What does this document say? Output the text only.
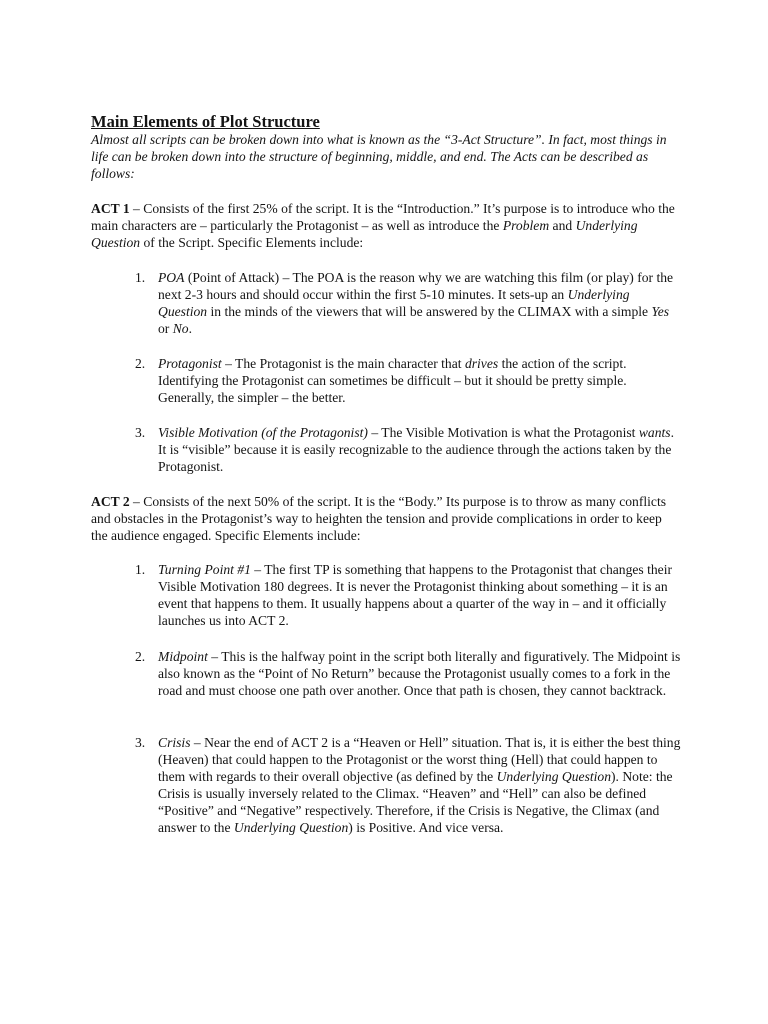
Main Elements of Plot Structure

Almost all scripts can be broken down into what is known as the “3-Act Structure”. In fact, most things in life can be broken down into the structure of beginning, middle, and end. The Acts can be described as follows:

ACT 1 – Consists of the first 25% of the script. It is the “Introduction.” It’s purpose is to introduce who the main characters are – particularly the Protagonist – as well as introduce the Problem and Underlying Question of the Script. Specific Elements include:

1. POA (Point of Attack) – The POA is the reason why we are watching this film (or play) for the next 2-3 hours and should occur within the first 5-10 minutes. It sets-up an Underlying Question in the minds of the viewers that will be answered by the CLIMAX with a simple Yes or No.
2. Protagonist – The Protagonist is the main character that drives the action of the script. Identifying the Protagonist can sometimes be difficult – but it should be pretty simple. Generally, the simpler – the better.
3. Visible Motivation (of the Protagonist) – The Visible Motivation is what the Protagonist wants. It is “visible” because it is easily recognizable to the audience through the actions taken by the Protagonist.

ACT 2 – Consists of the next 50% of the script. It is the “Body.” Its purpose is to throw as many conflicts and obstacles in the Protagonist’s way to heighten the tension and provide complications in order to keep the audience engaged. Specific Elements include:

1. Turning Point #1 – The first TP is something that happens to the Protagonist that changes their Visible Motivation 180 degrees. It is never the Protagonist thinking about something – it is an event that happens to them. It usually happens about a quarter of the way in – and it officially launches us into ACT 2.
2. Midpoint – This is the halfway point in the script both literally and figuratively. The Midpoint is also known as the “Point of No Return” because the Protagonist usually comes to a fork in the road and must choose one path over another. Once that path is chosen, they cannot backtrack.
3. Crisis – Near the end of ACT 2 is a “Heaven or Hell” situation. That is, it is either the best thing (Heaven) that could happen to the Protagonist or the worst thing (Hell) that could happen to them with regards to their overall objective (as defined by the Underlying Question). Note: the Crisis is usually inversely related to the Climax. “Heaven” and “Hell” can also be defined “Positive” and “Negative” respectively. Therefore, if the Crisis is Negative, the Climax (and answer to the Underlying Question) is Positive. And vice versa.
